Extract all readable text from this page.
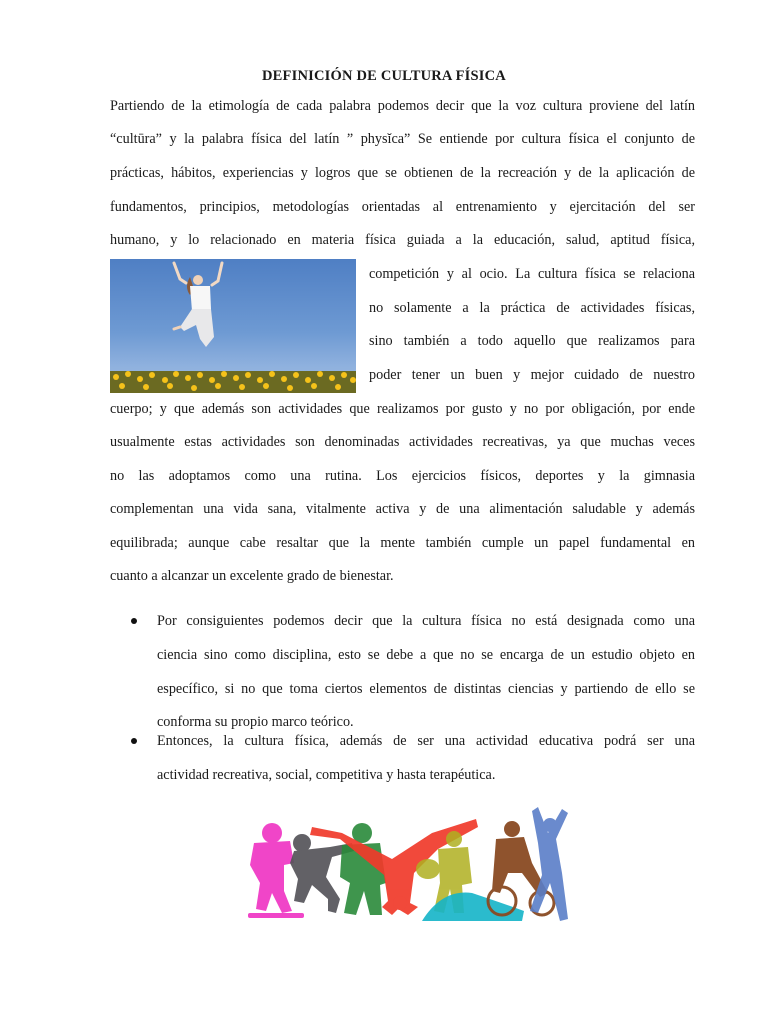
DEFINICIÓN DE CULTURA FÍSICA
Partiendo de la etimología de cada palabra podemos decir que la voz cultura proviene del latín
“cultūra” y la palabra física del latín ” physĭca” Se entiende por cultura física el conjunto de
prácticas, hábitos, experiencias y logros que se obtienen de la recreación y de la aplicación de
fundamentos, principios, metodologías orientadas al entrenamiento y ejercitación del ser
humano, y lo relacionado en materia física guiada a la educación, salud, aptitud física,
competición y al ocio. La cultura física se relaciona
no solamente a la práctica de actividades físicas,
sino también a todo aquello que realizamos para
poder tener un buen y mejor cuidado de nuestro
cuerpo; y que además son actividades que realizamos por gusto y no por obligación, por ende
usualmente estas actividades son denominadas actividades recreativas, ya que muchas veces
no las adoptamos como una rutina. Los ejercicios físicos, deportes y la gimnasia
complementan una vida sana, vitalmente activa y de una alimentación saludable y además
equilibrada; aunque cabe resaltar que la mente también cumple un papel fundamental en
cuanto a alcanzar un excelente grado de bienestar.
Por consiguientes podemos decir que la cultura física no está designada como una
ciencia sino como disciplina, esto se debe a que no se encarga de un estudio objeto en
específico, si no que toma ciertos elementos de distintas ciencias y partiendo de ello se
conforma su propio marco teórico.
Entonces, la cultura física, además de ser una actividad educativa podrá ser una
actividad recreativa, social, competitiva y hasta terapéutica.
